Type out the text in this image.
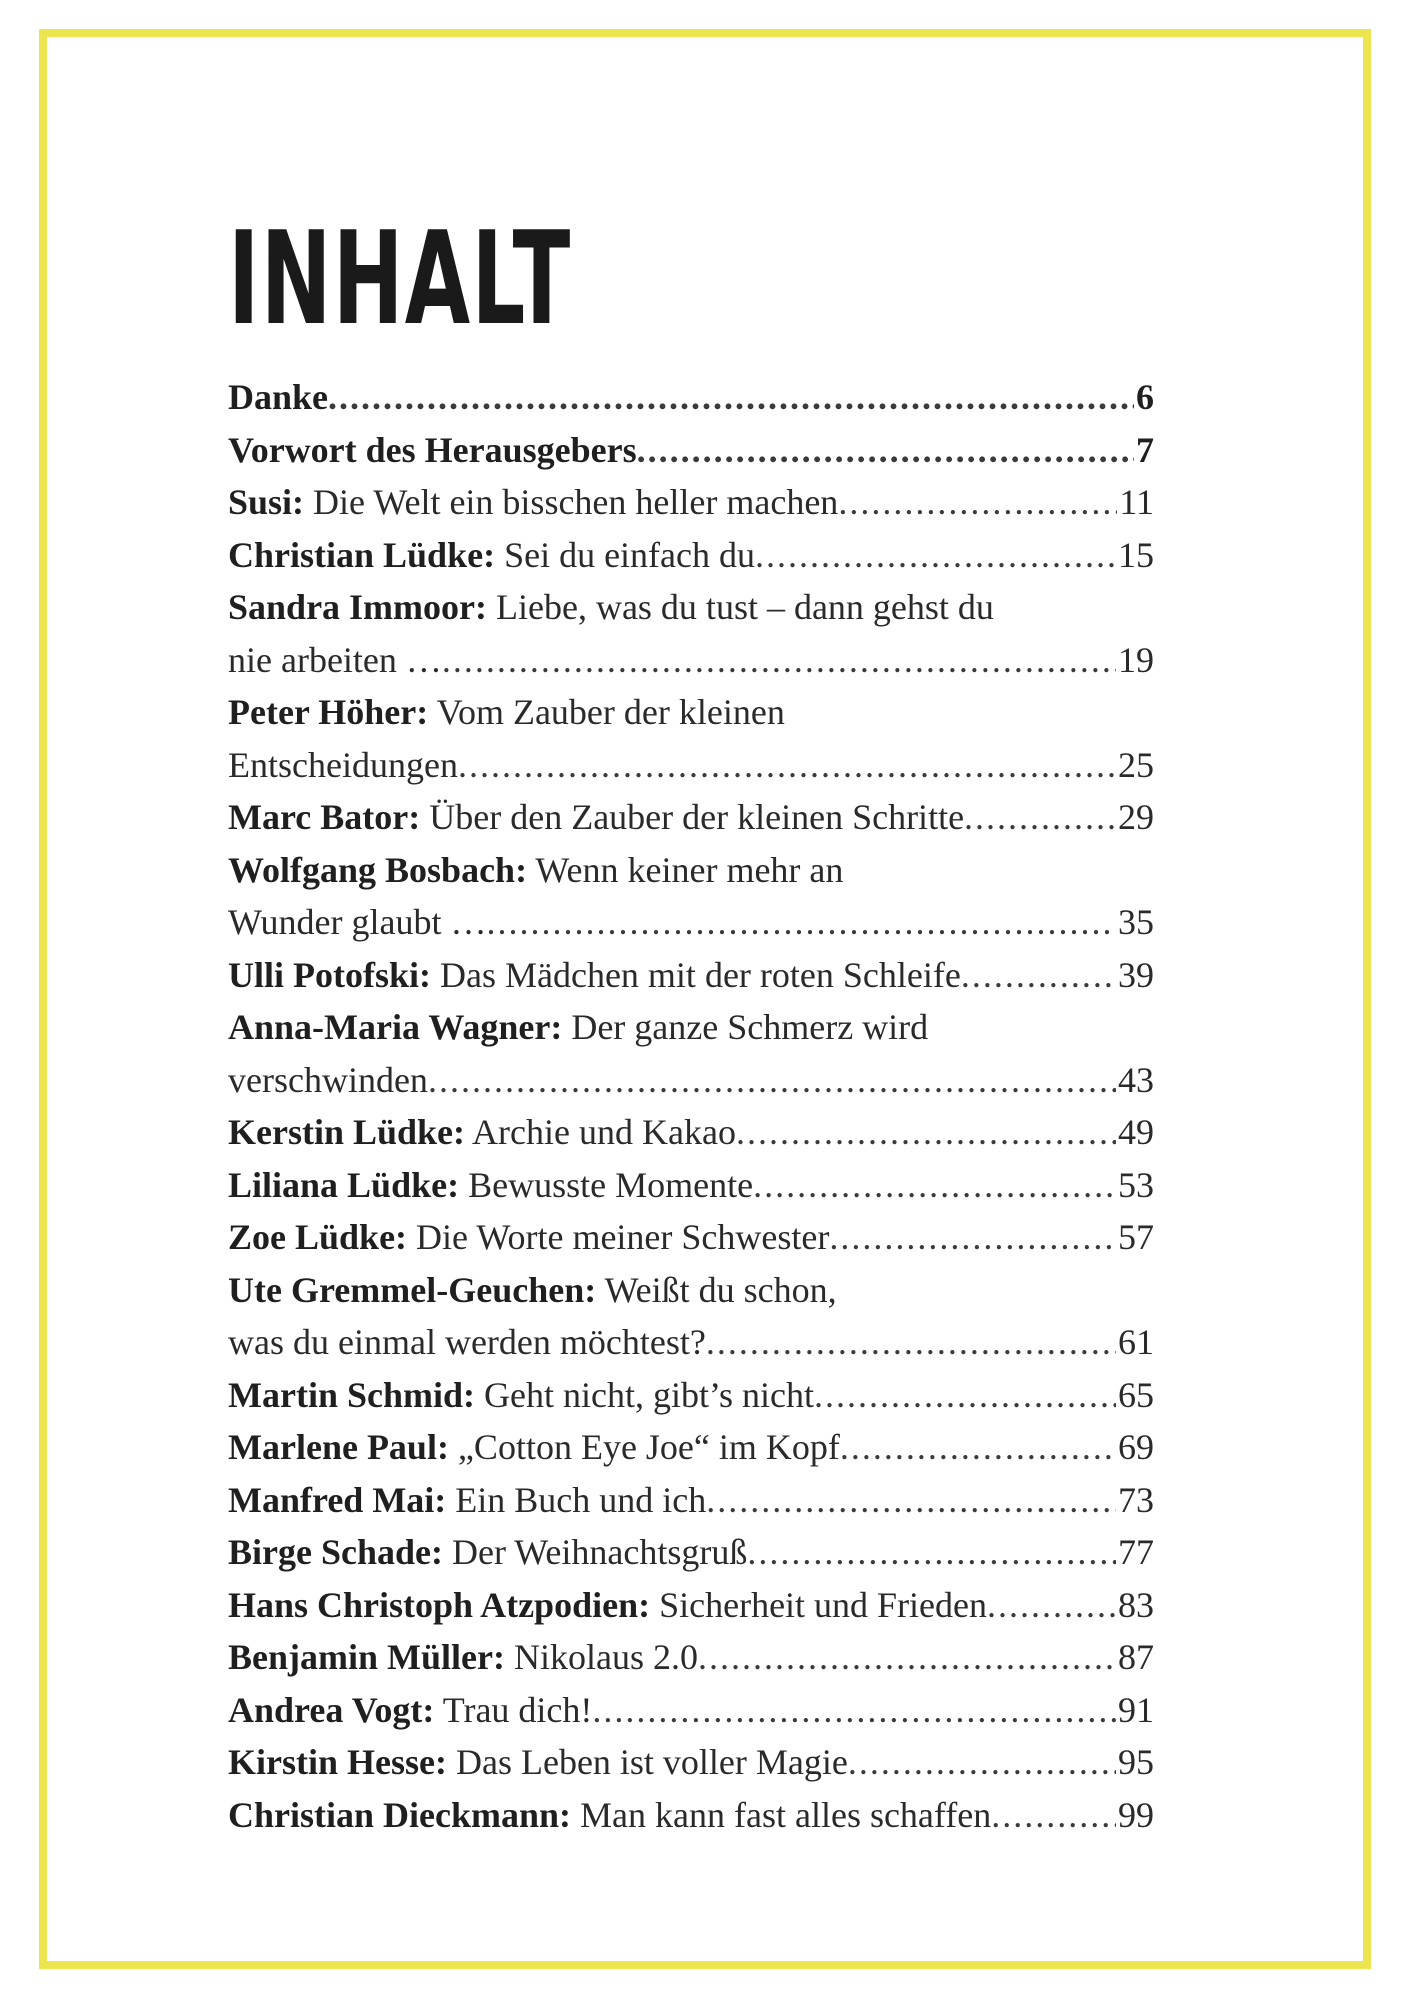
INHALT
Danke .....	6
Vorwort des Herausgebers .....	7
Susi: Die Welt ein bisschen heller machen .....	11
Christian Lüdke: Sei du einfach du .....	15
Sandra Immoor: Liebe, was du tust – dann gehst du
nie arbeiten … .....	19
Peter Höher: Vom Zauber der kleinen
Entscheidungen .....	25
Marc Bator: Über den Zauber der kleinen Schritte .....	29
Wolfgang Bosbach: Wenn keiner mehr an
Wunder glaubt … .....	35
Ulli Potofski: Das Mädchen mit der roten Schleife .....	39
Anna-Maria Wagner: Der ganze Schmerz wird
verschwinden .....	43
Kerstin Lüdke: Archie und Kakao .....	49
Liliana Lüdke: Bewusste Momente .....	53
Zoe Lüdke: Die Worte meiner Schwester .....	57
Ute Gremmel-Geuchen: Weißt du schon,
was du einmal werden möchtest? .....	61
Martin Schmid: Geht nicht, gibt’s nicht .....	65
Marlene Paul: „Cotton Eye Joe“ im Kopf .....	69
Manfred Mai: Ein Buch und ich .....	73
Birge Schade: Der Weihnachtsgruß .....	77
Hans Christoph Atzpodien: Sicherheit und Frieden .....	83
Benjamin Müller: Nikolaus 2.0 .....	87
Andrea Vogt: Trau dich! .....	91
Kirstin Hesse: Das Leben ist voller Magie .....	95
Christian Dieckmann: Man kann fast alles schaffen .....	99
